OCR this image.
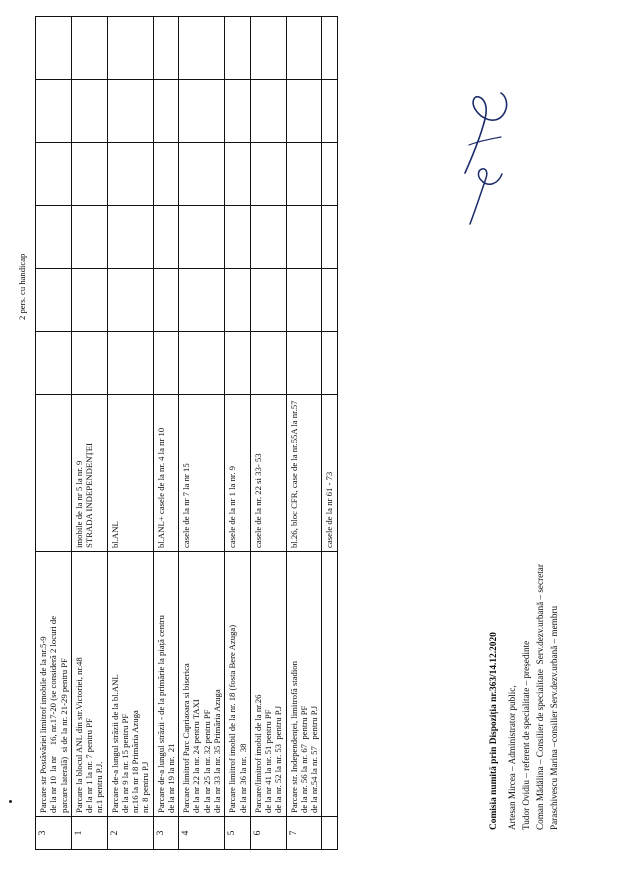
3	Parcare str Postăvăriei limitrof imobile de la nr.5-9 de la nr 10  la nr     16, nr.17-20 (se consideră 2 locuri de parcare laterală)  si de la nr. 21-29 pentru PF							

1	Parcare la blocul ANL din str.Victoriei, nr.48 de la nr 1 la nr. 7 pentru PF nr.1 pentru P.J.	imobile de la nr 5 la nr. 9 STRADA INDEPENDENȚEI						

2	Parcare de-a lungul străzii de la bl.ANL de la nr 9 la nr. 15 pentru PF nr.16 la nr 18 Primăria Azuga nr. 8 pentru P.J	bl.ANL						

3	Parcare de-a lungul străzii - de la primărie la piață centru de la nr 19 la nr.  21	bl.ANL+ casele de la nr. 4 la nr 10						

4	Parcare limitrof Parc Capriaoara si biserica de la nr 22 la nr. 24 pentru TAXI de la nr 25 la nr. 32 pentru PF de la nr 33 la nr. 35 Primăria Azuga	casele de la nr 7 la nr 15						

5	Parcare limitrof imobil de la nr. 18 (fosta Bere Azuga) de la nr 36 la nr.  38	casele de la nr 1 la nr. 9						

6	Parcare/limitrof imobil de la nr.26 de la nr 41 la nr. 51 pentru PF de la nr. 52 la nr. 53  pentru P.J	casele de la nr. 22 si 33- 53						

7	Parcare str. Independenței, limitrofă stadion de la nr. 56 la nr. 67  pentru PF de la nr.54 la nr. 57   pentru P.J	bl.26, bloc CFR, case de la nr.55A la nr.57						

		casele de la nr 61 - 73						

2 pers. cu handicap
Comisia numită prin Dispoziția nr.363/14.12.2020 Artesan Mircea – Administrator public, Tudor Ovidiu – referent de specialitate – președinte Coman Mădălina – Consilier de specialitate  Serv.dezv.urbană – secretar Paraschivescu Marina –consilier Serv.dezv.urbană – membru
